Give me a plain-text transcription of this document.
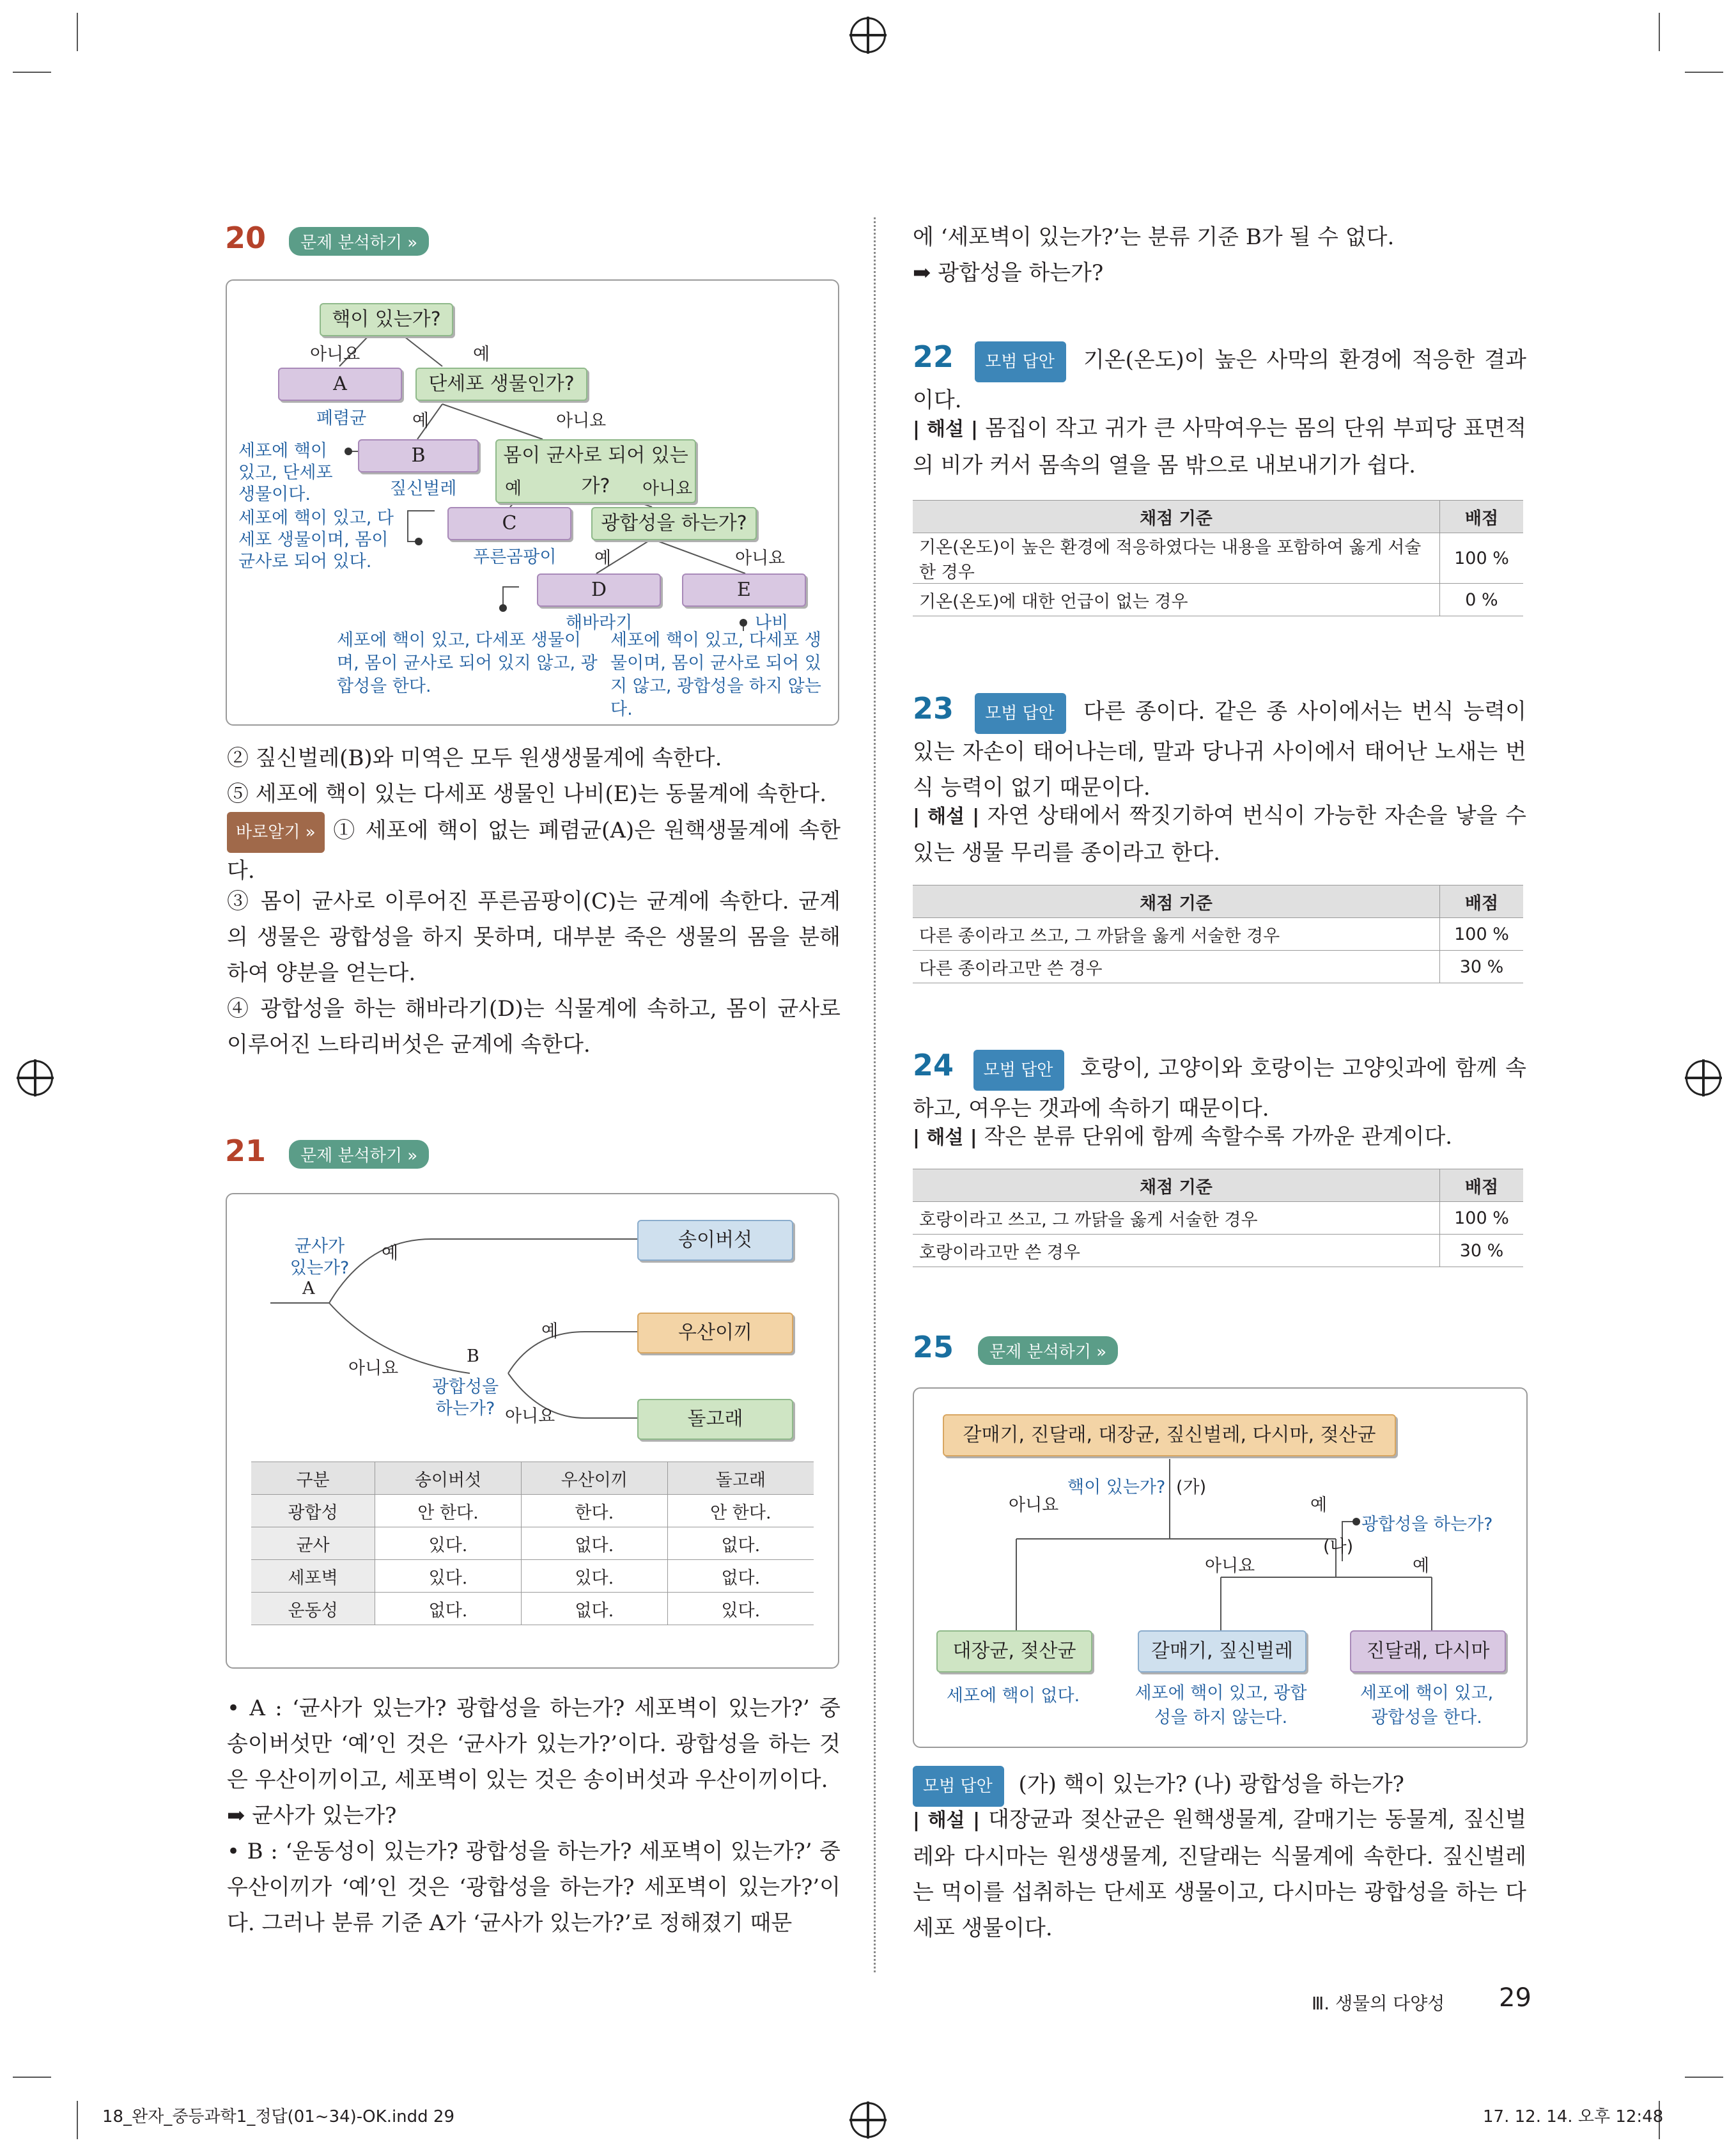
20	문제 분석하기 »
핵이 있는가?
아니요	예
A
폐렴균
단세포 생물인가?
예	아니요
B
짚신벌레
세포에 핵이 있고, 단세포 생물이다.
몸이 균사로 되어 있는가?
예	아니요
C
푸른곰팡이
세포에 핵이 있고, 다세포 생물이며, 몸이 균사로 되어 있다.
광합성을 하는가?
예	아니요
D	E
해바라기	나비
세포에 핵이 있고, 다세포 생물이며, 몸이 균사로 되어 있지 않고, 광합성을 한다.
세포에 핵이 있고, 다세포 생물이며, 몸이 균사로 되어 있지 않고, 광합성을 하지 않는다.
② 짚신벌레(B)와 미역은 모두 원생생물계에 속한다.
⑤ 세포에 핵이 있는 다세포 생물인 나비(E)는 동물계에 속한다.
바로알기 » ① 세포에 핵이 없는 폐렴균(A)은 원핵생물계에 속한다.
③ 몸이 균사로 이루어진 푸른곰팡이(C)는 균계에 속한다. 균계의 생물은 광합성을 하지 못하며, 대부분 죽은 생물의 몸을 분해하여 양분을 얻는다.
④ 광합성을 하는 해바라기(D)는 식물계에 속하고, 몸이 균사로 이루어진 느타리버섯은 균계에 속한다.
21	문제 분석하기 »
균사가 있는가?
A
예
아니요
B
광합성을 하는가?
예
아니요
송이버섯
우산이끼
돌고래
구분	송이버섯	우산이끼	돌고래
광합성	안 한다.	한다.	안 한다.
균사	있다.	없다.	없다.
세포벽	있다.	있다.	없다.
운동성	없다.	없다.	있다.
• A : ‘균사가 있는가? 광합성을 하는가? 세포벽이 있는가?’ 중 송이버섯만 ‘예’인 것은 ‘균사가 있는가?’이다. 광합성을 하는 것은 우산이끼이고, 세포벽이 있는 것은 송이버섯과 우산이끼이다.
➡ 균사가 있는가?
• B : ‘운동성이 있는가? 광합성을 하는가? 세포벽이 있는가?’ 중 우산이끼가 ‘예’인 것은 ‘광합성을 하는가? 세포벽이 있는가?’이다. 그러나 분류 기준 A가 ‘균사가 있는가?’로 정해졌기 때문
에 ‘세포벽이 있는가?’는 분류 기준 B가 될 수 없다.
➡ 광합성을 하는가?
22 모범 답안 기온(온도)이 높은 사막의 환경에 적응한 결과이다.
| 해설 | 몸집이 작고 귀가 큰 사막여우는 몸의 단위 부피당 표면적의 비가 커서 몸속의 열을 몸 밖으로 내보내기가 쉽다.
채점 기준	배점
기온(온도)이 높은 환경에 적응하였다는 내용을 포함하여 옳게 서술한 경우	100 %
기온(온도)에 대한 언급이 없는 경우	0 %
23 모범 답안 다른 종이다. 같은 종 사이에서는 번식 능력이 있는 자손이 태어나는데, 말과 당나귀 사이에서 태어난 노새는 번식 능력이 없기 때문이다.
| 해설 | 자연 상태에서 짝짓기하여 번식이 가능한 자손을 낳을 수 있는 생물 무리를 종이라고 한다.
채점 기준	배점
다른 종이라고 쓰고, 그 까닭을 옳게 서술한 경우	100 %
다른 종이라고만 쓴 경우	30 %
24 모범 답안 호랑이, 고양이와 호랑이는 고양잇과에 함께 속하고, 여우는 갯과에 속하기 때문이다.
| 해설 | 작은 분류 단위에 함께 속할수록 가까운 관계이다.
채점 기준	배점
호랑이라고 쓰고, 그 까닭을 옳게 서술한 경우	100 %
호랑이라고만 쓴 경우	30 %
25	문제 분석하기 »
갈매기, 진달래, 대장균, 짚신벌레, 다시마, 젖산균
핵이 있는가? (가)
아니요	예
광합성을 하는가?
(나)
아니요	예
대장균, 젖산균	갈매기, 짚신벌레	진달래, 다시마
세포에 핵이 없다.	세포에 핵이 있고, 광합성을 하지 않는다.
세포에 핵이 있고, 광합성을 한다.
모범 답안 (가) 핵이 있는가? (나) 광합성을 하는가?
| 해설 | 대장균과 젖산균은 원핵생물계, 갈매기는 동물계, 짚신벌레와 다시마는 원생생물계, 진달래는 식물계에 속한다. 짚신벌레는 먹이를 섭취하는 단세포 생물이고, 다시마는 광합성을 하는 다세포 생물이다.
Ⅲ. 생물의 다양성 29
18_완자_중등과학1_정답(01~34)-OK.indd 29	17. 12. 14. 오후 12:48
